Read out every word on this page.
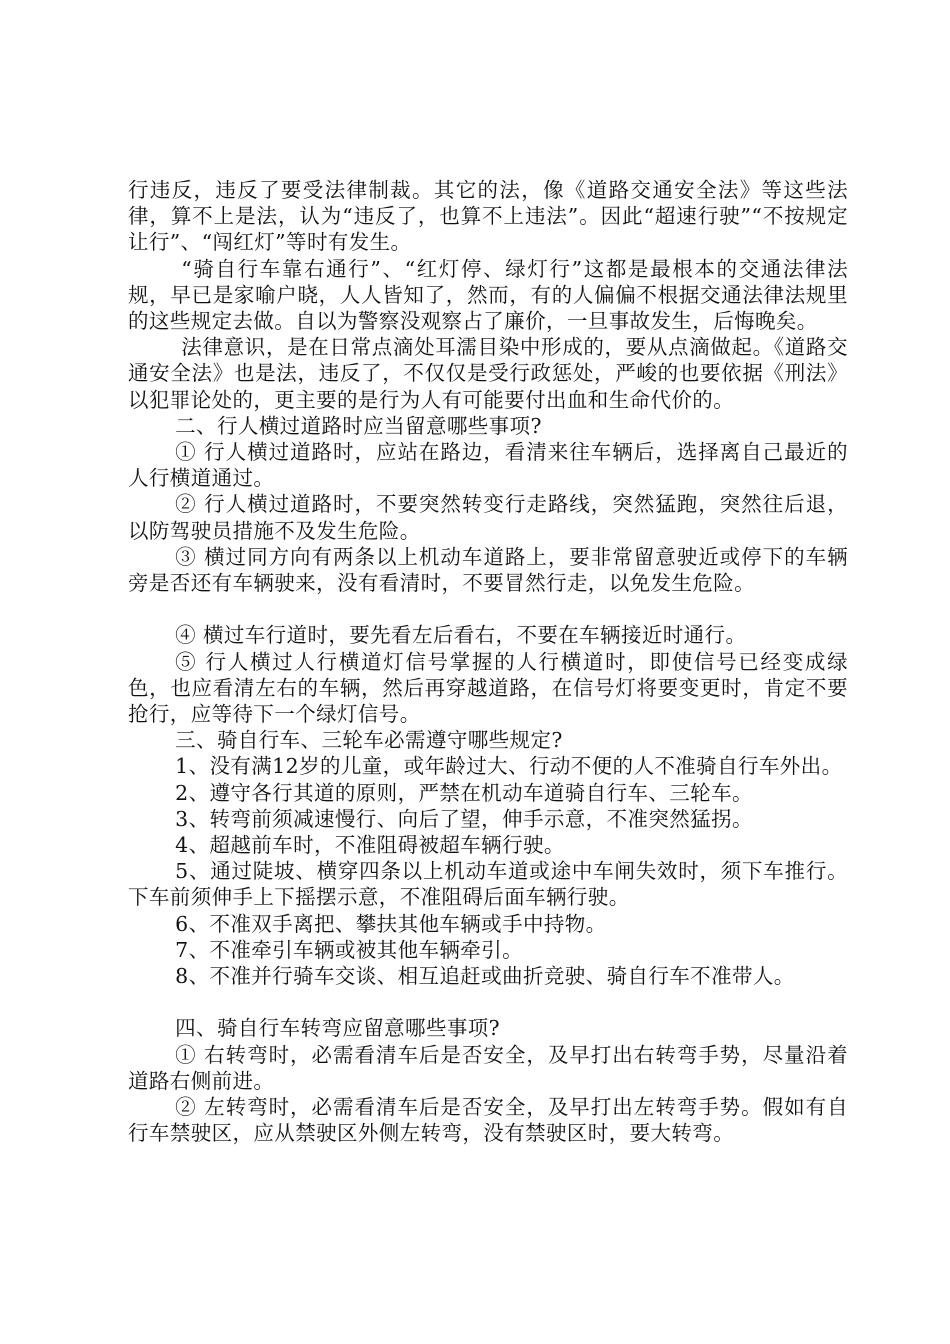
行违反，违反了要受法律制裁。其它的法，像《道路交通安全法》等这些法律，算不上是法，认为“违反了，也算不上违法”。因此“超速行驶”“不按规定让行”、“闯红灯”等时有发生。

“骑自行车靠右通行”、“红灯停、绿灯行”这都是最根本的交通法律法规，早已是家喻户晓，人人皆知了，然而，有的人偏偏不根据交通法律法规里的这些规定去做。自以为警察没观察占了廉价，一旦事故发生，后悔晚矣。

法律意识，是在日常点滴处耳濡目染中形成的，要从点滴做起。《道路交通安全法》也是法，违反了，不仅仅是受行政惩处，严峻的也要依据《刑法》以犯罪论处的，更主要的是行为人有可能要付出血和生命代价的。

二、行人横过道路时应当留意哪些事项?

① 行人横过道路时，应站在路边，看清来往车辆后，选择离自己最近的人行横道通过。

② 行人横过道路时，不要突然转变行走路线，突然猛跑，突然往后退，以防驾驶员措施不及发生危险。

③ 横过同方向有两条以上机动车道路上，要非常留意驶近或停下的车辆旁是否还有车辆驶来，没有看清时，不要冒然行走，以免发生危险。

④ 横过车行道时，要先看左后看右，不要在车辆接近时通行。

⑤ 行人横过人行横道灯信号掌握的人行横道时，即使信号已经变成绿色，也应看清左右的车辆，然后再穿越道路，在信号灯将要变更时，肯定不要抢行，应等待下一个绿灯信号。

三、骑自行车、三轮车必需遵守哪些规定?

1、没有满12岁的儿童，或年龄过大、行动不便的人不准骑自行车外出。

2、遵守各行其道的原则，严禁在机动车道骑自行车、三轮车。

3、转弯前须减速慢行、向后了望，伸手示意，不准突然猛拐。

4、超越前车时，不准阻碍被超车辆行驶。

5、通过陡坡、横穿四条以上机动车道或途中车闸失效时，须下车推行。下车前须伸手上下摇摆示意，不准阻碍后面车辆行驶。

6、不准双手离把、攀扶其他车辆或手中持物。

7、不准牵引车辆或被其他车辆牵引。

8、不准并行骑车交谈、相互追赶或曲折竞驶、骑自行车不准带人。

四、骑自行车转弯应留意哪些事项?

① 右转弯时，必需看清车后是否安全，及早打出右转弯手势，尽量沿着道路右侧前进。

② 左转弯时，必需看清车后是否安全，及早打出左转弯手势。假如有自行车禁驶区，应从禁驶区外侧左转弯，没有禁驶区时，要大转弯。
